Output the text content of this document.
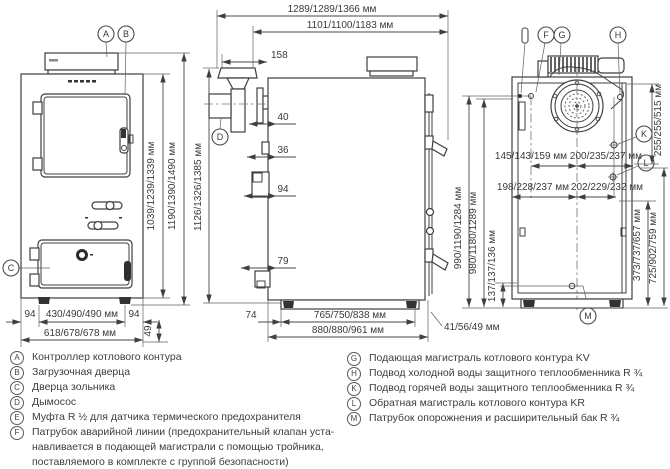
A B
C
1039/1239/1339 мм 1190/1390/1490 мм
94 430/490/490 мм 94
618/678/678 мм	49
1289/1289/1366 мм
1101/1100/1183 мм
158
D
40
36
94
79
1126/1326/1385 мм
74	765/750/838 мм
880/880/961 мм	41/56/49 мм
F G	H
K
L
M
145/143/159 мм 200/235/237 мм
198/228/237 мм 202/229/232 мм
990/1190/1284 мм 980/1180/1289 мм 137/137/136 мм
255/255/515 мм
373/737/657 мм 725/902/759 мм
A	Контроллер котлового контура
B	Загрузочная дверца
C	Дверца зольника
D	Дымосос
E	Муфта R ½ для датчика термического предохранителя
F	Патрубок аварийной линии (предохранительный клапан уста-
навливается в подающей магистрали с помощью тройника,
поставляемого в комплекте с группой безопасности)
G	Подающая магистраль котлового контура KV
H	Подвод холодной воды защитного теплообменника R ¾
K	Подвод горячей воды защитного теплообменника R ¾
L	Обратная магистраль котлового контура KR
M	Патрубок опорожнения и расширительный бак R ¾
